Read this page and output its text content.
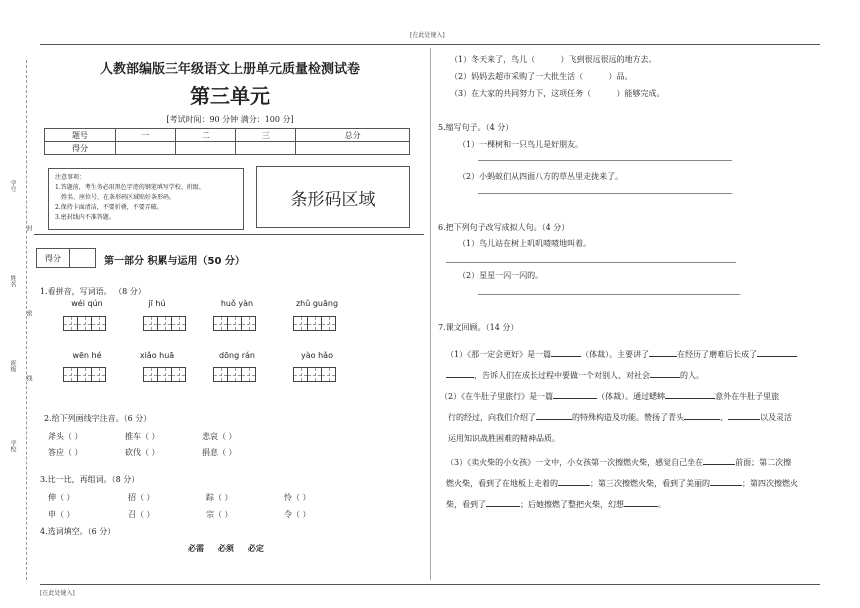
[在此处键入]
[在此处键入]
学号
姓名
班级
学校
封
密
线
人教部编版三年级语文上册单元质量检测试卷
第三单元
[考试时间：90 分钟 满分：100 分]
题号	一	二	三	总分
得分				
注意事项：
1.答题前，考生务必用黑色字迹的钢笔填写学校、班级、
姓名、座位号，在条形码区域贴好条形码。
2.保持卡面清洁，不要折叠，不要弄破。
3.密封线内不准答题。
条形码区域
得分	第一部分 积累与运用（50 分）
1.看拼音，写词语。 （8 分）
wéi qún	jī hú	huǒ yàn	zhǔ guāng
wēn hé	xiǎo huā	dōng rán	yào hǎo
2.给下列画线字注音。（6 分）
斧头（ ）	推车（ ）	悲哀（ ）
答应（ ）	砍伐（ ）	捐息（ ）
3.比一比，再组词。（8 分）
伸（ ）	招（ ）	踪（ ）	怜（ ）
申（ ）	召（ ）	宗（ ）	令（ ）
4.选词填空。（6 分）
必需     必须     必定
（1）冬天来了，鸟儿（          ）飞到很远很远的地方去。
（2）妈妈去超市采购了一大批生活（          ）品。
（3）在大家的共同努力下，这项任务（          ）能够完成。
5.缩写句子。（4 分）
（1）一棵树和一只鸟儿是好朋友。
（2）小蚂蚁们从四面八方的草丛里走拢来了。
6.把下列句子改写成拟人句。（4 分）
（1）鸟儿站在树上叽叽喳喳地叫着。
（2）星星一闪一闪的。
7.课文回顾。（14 分）
（1）《那一定会更好》是一篇	（体裁）。主要讲了	在经历了磨难后长成了
，告诉人们在成长过程中要做一个对别人、对社会	的人。
（2）《在牛肚子里旅行》是一篇	（体裁）。通过蟋蟀	意外在牛肚子里旅
行的经过，向我们介绍了	的特殊构造及功能。赞扬了青头	、	以及灵活
运用知识战胜困难的精神品质。
（3）《卖火柴的小女孩》一文中，小女孩第一次擦燃火柴，感觉自己坐在	前面；第二次擦
燃火柴，看到了在地板上走着的	；第三次擦燃火柴，看到了美丽的	；第四次擦燃火
柴，看到了	；后她擦燃了整把火柴，幻想	。
